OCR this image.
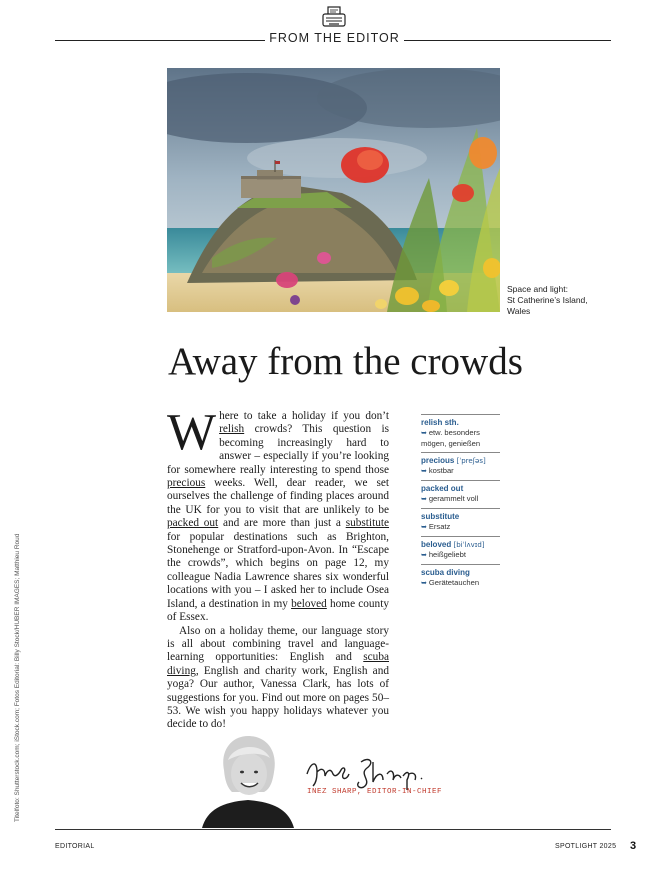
FROM THE EDITOR
Space and light:
St Catherine’s Island,
Wales
Away from the crowds

Where to take a holiday if you don’t relish crowds? This question is becoming increasingly hard to answer – especially if you’re looking for somewhere really interesting to spend those precious weeks. Well, dear reader, we set ourselves the challenge of finding places around the UK for you to visit that are unlikely to be packed out and are more than just a substitute for popular destinations such as Brighton, Stonehenge or Stratford-upon-Avon. In “Escape the crowds”, which begins on page 12, my colleague Nadia Lawrence shares six wonderful locations with you – I asked her to include Osea Island, a destination in my beloved home county of Essex.

Also on a holiday theme, our language story is all about combining travel and language-learning opportunities: English and scuba diving, English and charity work, English and yoga? Our author, Vanessa Clark, has lots of suggestions for you. Find out more on pages 50–53. We wish you happy holidays whatever you decide to do!

relish sth.
➥ etw. besonders mögen, genießen
precious [ˈpreʃəs]
➥ kostbar
packed out
➥ gerammelt voll
substitute
➥ Ersatz
beloved [biˈlʌvɪd]
➥ heißgeliebt
scuba diving
➥ Gerätetauchen
Titelfoto: Shutterstock.com; iStock.com; Fotos Editorial: Billy Stock/HUBER IMAGES; Matthieu Roud	INEZ SHARP, EDITOR-IN-CHIEF
EDITORIAL	SPOTLIGHT 2025 3
